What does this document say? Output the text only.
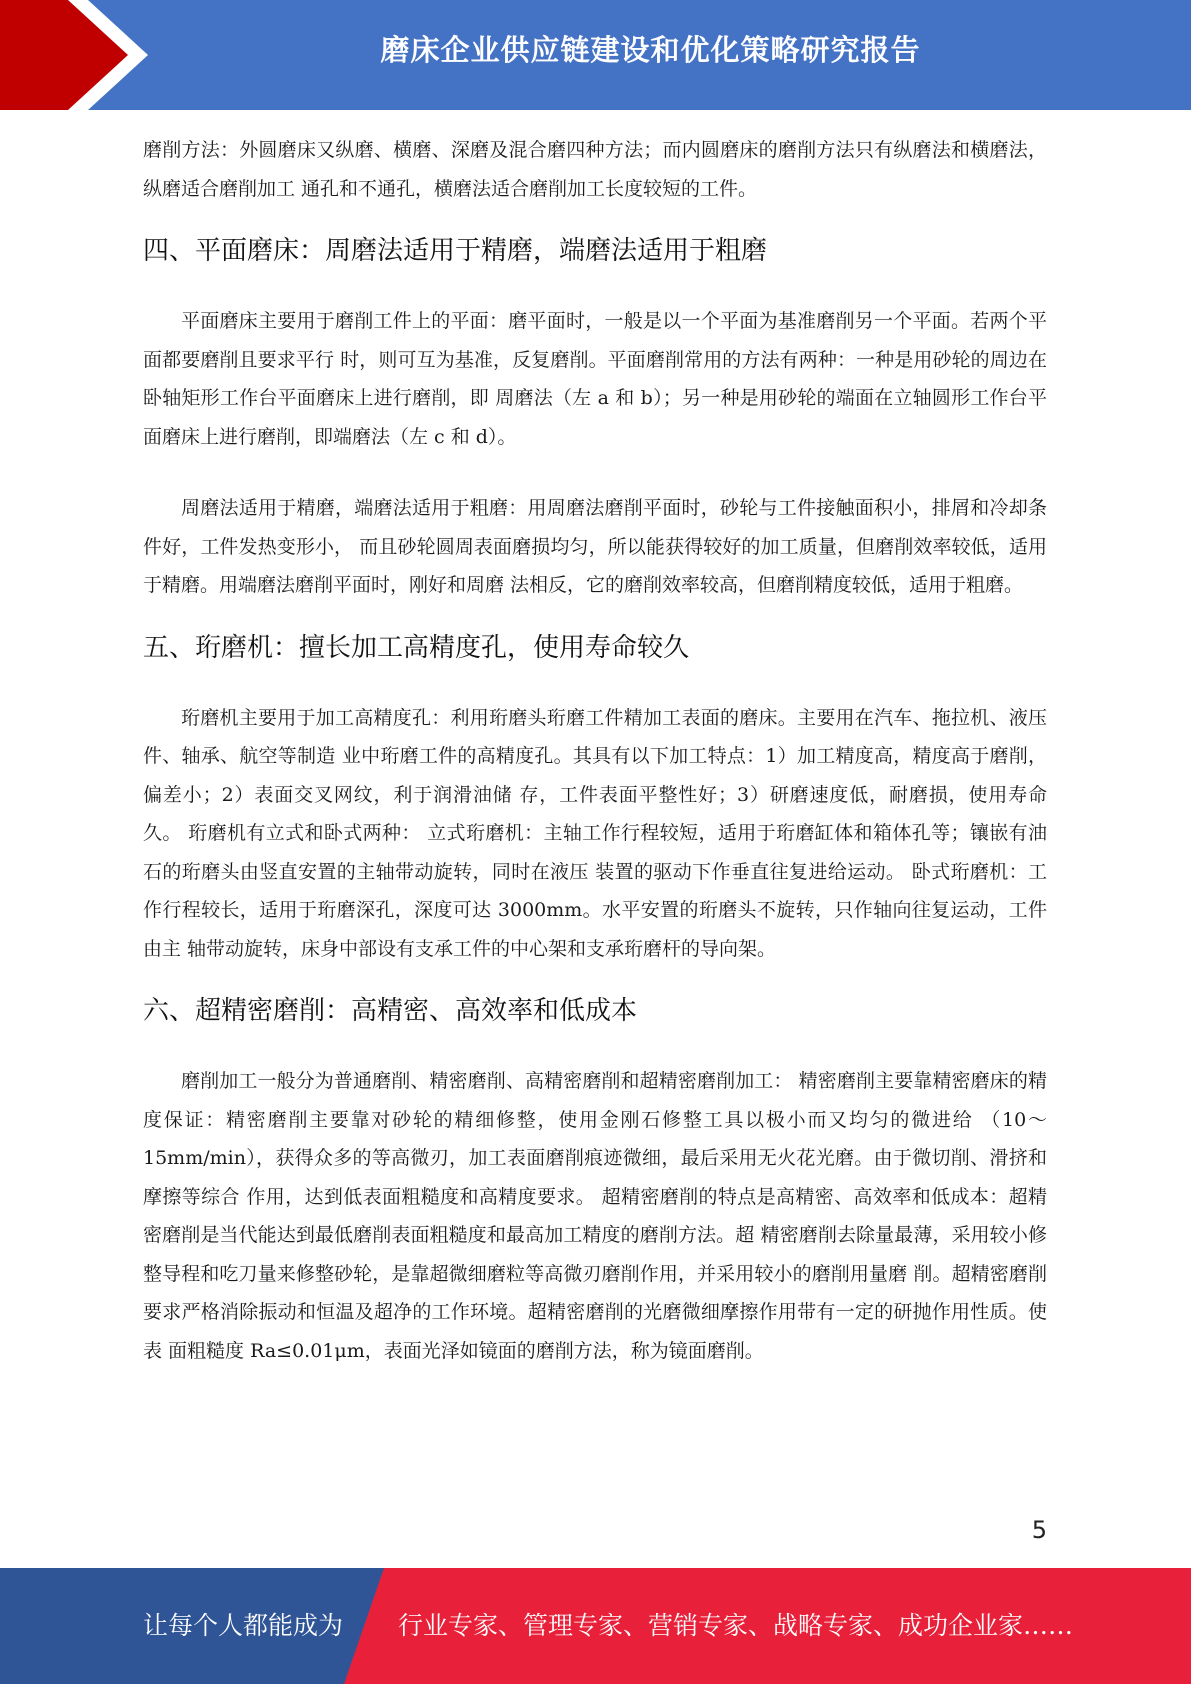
磨床企业供应链建设和优化策略研究报告

磨削方法：外圆磨床又纵磨、横磨、深磨及混合磨四种方法；而内圆磨床的磨削方法只有纵磨法和横磨法，纵磨适合磨削加工 通孔和不通孔，横磨法适合磨削加工长度较短的工件。

四、平面磨床：周磨法适用于精磨，端磨法适用于粗磨

平面磨床主要用于磨削工件上的平面：磨平面时，一般是以一个平面为基准磨削另一个平面。若两个平面都要磨削且要求平行 时，则可互为基准，反复磨削。平面磨削常用的方法有两种：一种是用砂轮的周边在卧轴矩形工作台平面磨床上进行磨削，即 周磨法（左 a 和 b）；另一种是用砂轮的端面在立轴圆形工作台平面磨床上进行磨削，即端磨法（左 c 和 d）。

周磨法适用于精磨，端磨法适用于粗磨：用周磨法磨削平面时，砂轮与工件接触面积小，排屑和冷却条件好，工件发热变形小， 而且砂轮圆周表面磨损均匀，所以能获得较好的加工质量，但磨削效率较低，适用于精磨。用端磨法磨削平面时，刚好和周磨 法相反，它的磨削效率较高，但磨削精度较低，适用于粗磨。

五、珩磨机：擅长加工高精度孔，使用寿命较久

珩磨机主要用于加工高精度孔：利用珩磨头珩磨工件精加工表面的磨床。主要用在汽车、拖拉机、液压件、轴承、航空等制造 业中珩磨工件的高精度孔。其具有以下加工特点：1）加工精度高，精度高于磨削，偏差小；2）表面交叉网纹，利于润滑油储 存，工件表面平整性好；3）研磨速度低，耐磨损，使用寿命久。 珩磨机有立式和卧式两种： 立式珩磨机：主轴工作行程较短，适用于珩磨缸体和箱体孔等；镶嵌有油石的珩磨头由竖直安置的主轴带动旋转，同时在液压 装置的驱动下作垂直往复进给运动。 卧式珩磨机：工作行程较长，适用于珩磨深孔，深度可达 3000mm。水平安置的珩磨头不旋转，只作轴向往复运动，工件由主 轴带动旋转，床身中部设有支承工件的中心架和支承珩磨杆的导向架。

六、超精密磨削：高精密、高效率和低成本

磨削加工一般分为普通磨削、精密磨削、高精密磨削和超精密磨削加工： 精密磨削主要靠精密磨床的精度保证：精密磨削主要靠对砂轮的精细修整，使用金刚石修整工具以极小而又均匀的微进给 （10～15mm/min），获得众多的等高微刃，加工表面磨削痕迹微细，最后采用无火花光磨。由于微切削、滑挤和摩擦等综合 作用，达到低表面粗糙度和高精度要求。 超精密磨削的特点是高精密、高效率和低成本：超精密磨削是当代能达到最低磨削表面粗糙度和最高加工精度的磨削方法。超 精密磨削去除量最薄，采用较小修整导程和吃刀量来修整砂轮，是靠超微细磨粒等高微刃磨削作用，并采用较小的磨削用量磨 削。超精密磨削要求严格消除振动和恒温及超净的工作环境。超精密磨削的光磨微细摩擦作用带有一定的研抛作用性质。使表 面粗糙度 Ra≤0.01μm，表面光泽如镜面的磨削方法，称为镜面磨削。

5
让每个人都能成为 行业专家、管理专家、营销专家、战略专家、成功企业家……
